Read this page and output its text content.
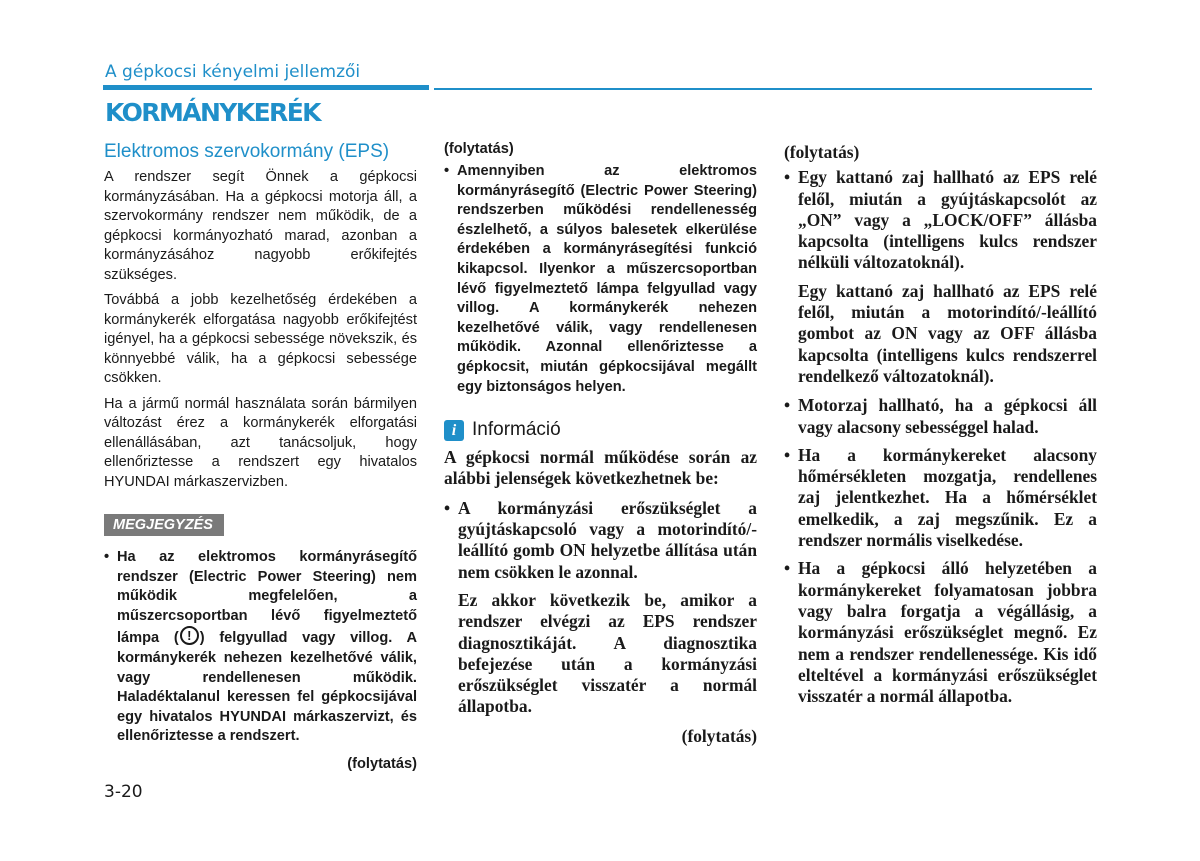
A gépkocsi kényelmi jellemzői
KORMÁNYKERÉK
Elektromos szervokormány (EPS)

A rendszer segít Önnek a gépkocsi kormányzásában. Ha a gépkocsi motorja áll, a szervokormány rendszer nem működik, de a gépkocsi kormányozható marad, azonban a kormányzásához nagyobb erőkifejtés szükséges.

Továbbá a jobb kezelhetőség érdekében a kormánykerék elforgatása nagyobb erőkifejtést igényel, ha a gépkocsi sebessége növekszik, és könnyebbé válik, ha a gépkocsi sebessége csökken.

Ha a jármű normál használata során bármilyen változást érez a kormánykerék elforgatási ellenállásában, azt tanácsoljuk, hogy ellenőriztesse a rendszert egy hivatalos HYUNDAI márkaszervizben.

MEGJEGYZÉS
• Ha az elektromos kormányrásegítő rendszer (Electric Power Steering) nem működik megfelelően, a műszercsoportban lévő figyelmeztető lámpa (! ) felgyullad vagy villog. A kormánykerék nehezen kezelhetővé válik, vagy rendellenesen működik. Haladéktalanul keressen fel gépkocsijával egy hivatalos HYUNDAI márkaszervizt, és ellenőriztesse a rendszert.
(folytatás)
(folytatás)
• Amennyiben az elektromos kormányrásegítő (Electric Power Steering) rendszerben működési rendellenesség észlelhető, a súlyos balesetek elkerülése érdekében a kormányrásegítési funkció kikapcsol. Ilyenkor a műszercsoportban lévő figyelmeztető lámpa felgyullad vagy villog. A kormánykerék nehezen kezelhetővé válik, vagy rendellenesen működik. Azonnal ellenőriztesse a gépkocsit, miután gépkocsijával megállt egy biztonságos helyen.
i Információ

A gépkocsi normál működése során az alábbi jelenségek következhetnek be:

• A kormányzási erőszükséglet a gyújtáskapcsoló vagy a motorindító/-leállító gomb ON helyzetbe állítása után nem csökken le azonnal.

Ez akkor következik be, amikor a rendszer elvégzi az EPS rendszer diagnosztikáját. A diagnosztika befejezése után a kormányzási erőszükséglet visszatér a normál állapotba.

(folytatás)
(folytatás)
• Egy kattanó zaj hallható az EPS relé felől, miután a gyújtáskapcsolót az „ON” vagy a „LOCK/OFF” állásba kapcsolta (intelligens kulcs rendszer nélküli változatoknál).

Egy kattanó zaj hallható az EPS relé felől, miután a motorindító/-leállító gombot az ON vagy az OFF állásba kapcsolta (intelligens kulcs rendszerrel rendelkező változatoknál).

• Motorzaj hallható, ha a gépkocsi áll vagy alacsony sebességgel halad.
• Ha a kormánykereket alacsony hőmérsékleten mozgatja, rendellenes zaj jelentkezhet. Ha a hőmérséklet emelkedik, a zaj megszűnik. Ez a rendszer normális viselkedése.
• Ha a gépkocsi álló helyzetében a kormánykereket folyamatosan jobbra vagy balra forgatja a végállásig, a kormányzási erőszükséglet megnő. Ez nem a rendszer rendellenessége. Kis idő elteltével a kormányzási erőszükséglet visszatér a normál állapotba.
3-20
